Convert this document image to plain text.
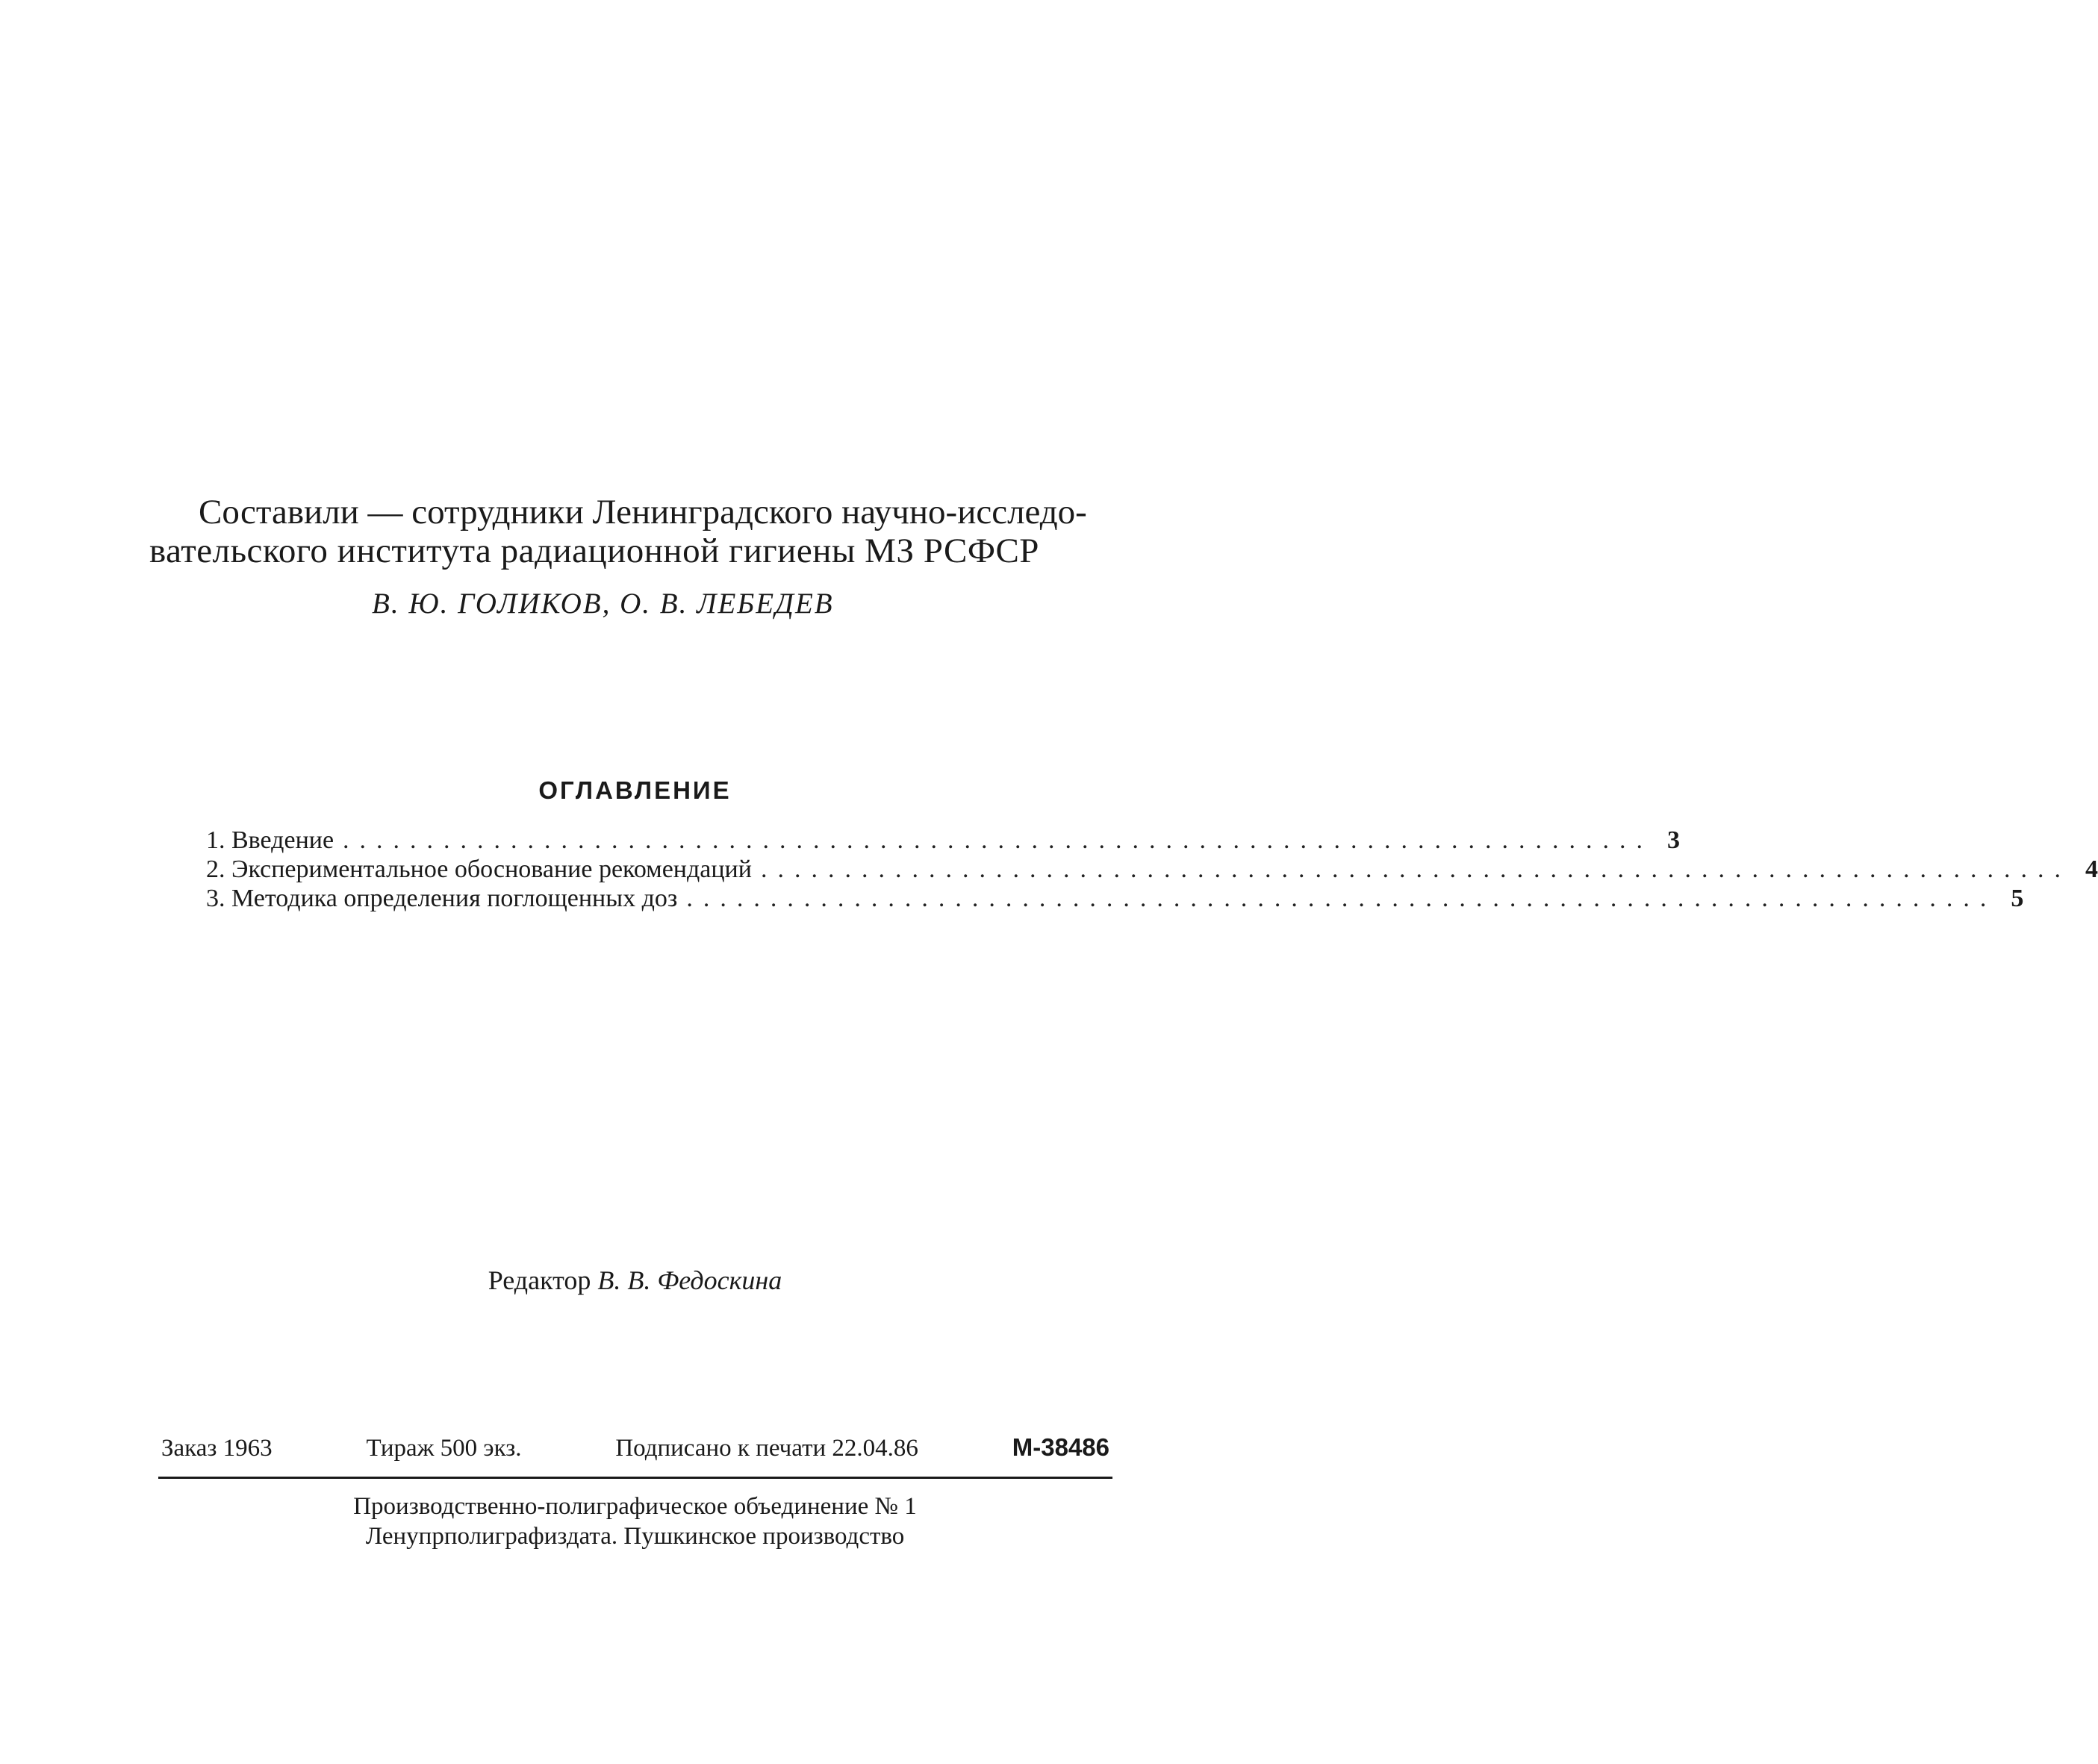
Составили — сотрудники Ленинградского научно-исследо-
вательского института радиационной гигиены МЗ РСФСР
В. Ю. ГОЛИКОВ, О. В. ЛЕБЕДЕВ
ОГЛАВЛЕНИЕ
1. Введение .............................................................................. 3
2. Экспериментальное обоснование рекомендаций .............................................................................. 4
3. Методика определения поглощенных доз .............................................................................. 5
Редактор В. В. Федоскина
Заказ 1963	Тираж 500 экз.	Подписано к печати 22.04.86	М-38486
Производственно-полиграфическое объединение № 1
Ленупрполиграфиздата. Пушкинское производство
